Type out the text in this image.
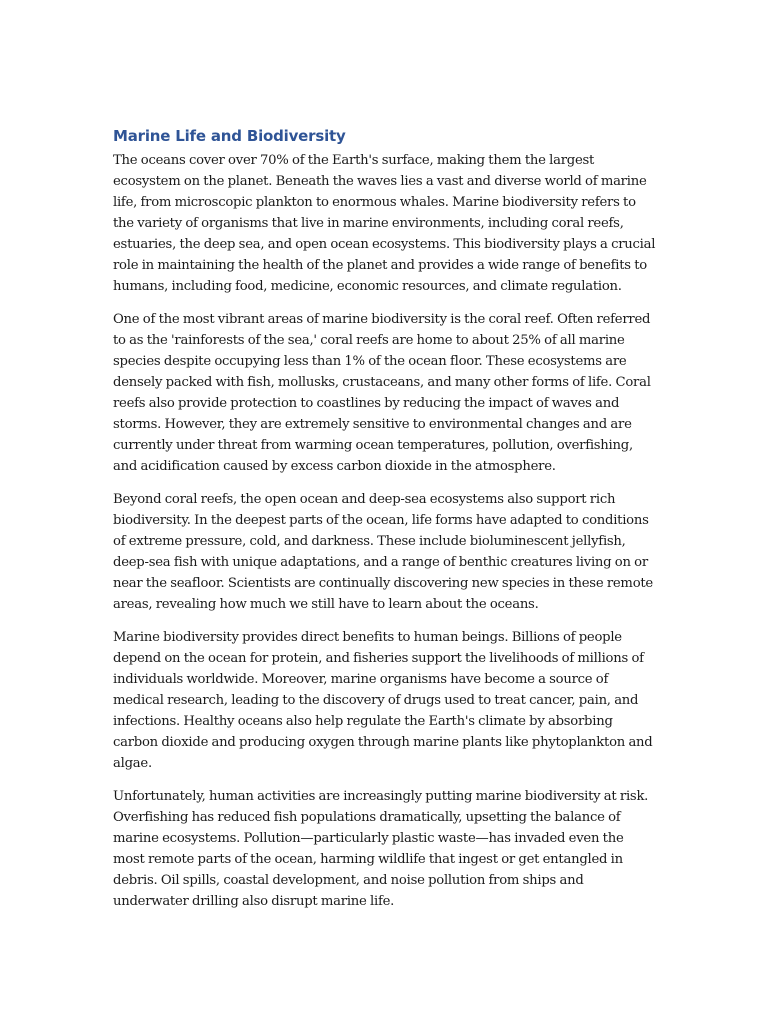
Marine Life and Biodiversity

The oceans cover over 70% of the Earth's surface, making them the largest ecosystem on the planet. Beneath the waves lies a vast and diverse world of marine life, from microscopic plankton to enormous whales. Marine biodiversity refers to the variety of organisms that live in marine environments, including coral reefs, estuaries, the deep sea, and open ocean ecosystems. This biodiversity plays a crucial role in maintaining the health of the planet and provides a wide range of benefits to humans, including food, medicine, economic resources, and climate regulation.

One of the most vibrant areas of marine biodiversity is the coral reef. Often referred to as the 'rainforests of the sea,' coral reefs are home to about 25% of all marine species despite occupying less than 1% of the ocean floor. These ecosystems are densely packed with fish, mollusks, crustaceans, and many other forms of life. Coral reefs also provide protection to coastlines by reducing the impact of waves and storms. However, they are extremely sensitive to environmental changes and are currently under threat from warming ocean temperatures, pollution, overfishing, and acidification caused by excess carbon dioxide in the atmosphere.

Beyond coral reefs, the open ocean and deep-sea ecosystems also support rich biodiversity. In the deepest parts of the ocean, life forms have adapted to conditions of extreme pressure, cold, and darkness. These include bioluminescent jellyfish, deep-sea fish with unique adaptations, and a range of benthic creatures living on or near the seafloor. Scientists are continually discovering new species in these remote areas, revealing how much we still have to learn about the oceans.

Marine biodiversity provides direct benefits to human beings. Billions of people depend on the ocean for protein, and fisheries support the livelihoods of millions of individuals worldwide. Moreover, marine organisms have become a source of medical research, leading to the discovery of drugs used to treat cancer, pain, and infections. Healthy oceans also help regulate the Earth's climate by absorbing carbon dioxide and producing oxygen through marine plants like phytoplankton and algae.

Unfortunately, human activities are increasingly putting marine biodiversity at risk. Overfishing has reduced fish populations dramatically, upsetting the balance of marine ecosystems. Pollution—particularly plastic waste—has invaded even the most remote parts of the ocean, harming wildlife that ingest or get entangled in debris. Oil spills, coastal development, and noise pollution from ships and underwater drilling also disrupt marine life.
